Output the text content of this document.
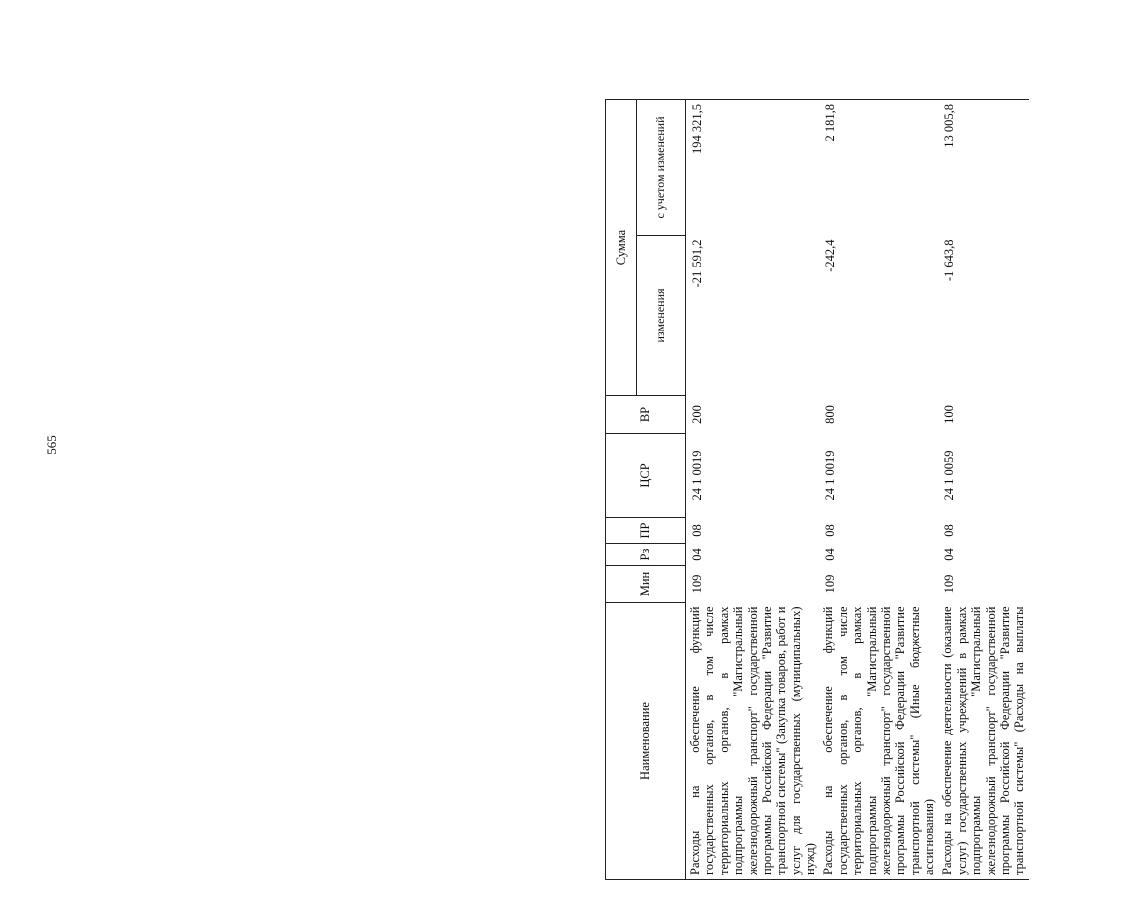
565
Наименование	Мин	Рз	ПР	ЦСР	ВР	Сумма	
						изменения	с учетом изменений
Расходы на обеспечение функций государственных органов, в том числе территориальных органов, в рамках подпрограммы "Магистральный железнодорожный транспорт" государственной программы Российской Федерации "Развитие транспортной системы" (Закупка товаров, работ и услуг для государственных (муниципальных) нужд)	109	04	08	24 1 0019	200	-21 591,2	194 321,5
Расходы на обеспечение функций государственных органов, в том числе территориальных органов, в рамках подпрограммы "Магистральный железнодорожный транспорт" государственной программы Российской Федерации "Развитие транспортной системы" (Иные бюджетные ассигнования)	109	04	08	24 1 0019	800	-242,4	2 181,8
Расходы на обеспечение деятельности (оказание услуг) государственных учреждений в рамках подпрограммы "Магистральный железнодорожный транспорт" государственной программы Российской Федерации "Развитие транспортной системы" (Расходы на выплаты	109	04	08	24 1 0059	100	-1 643,8	13 005,8
